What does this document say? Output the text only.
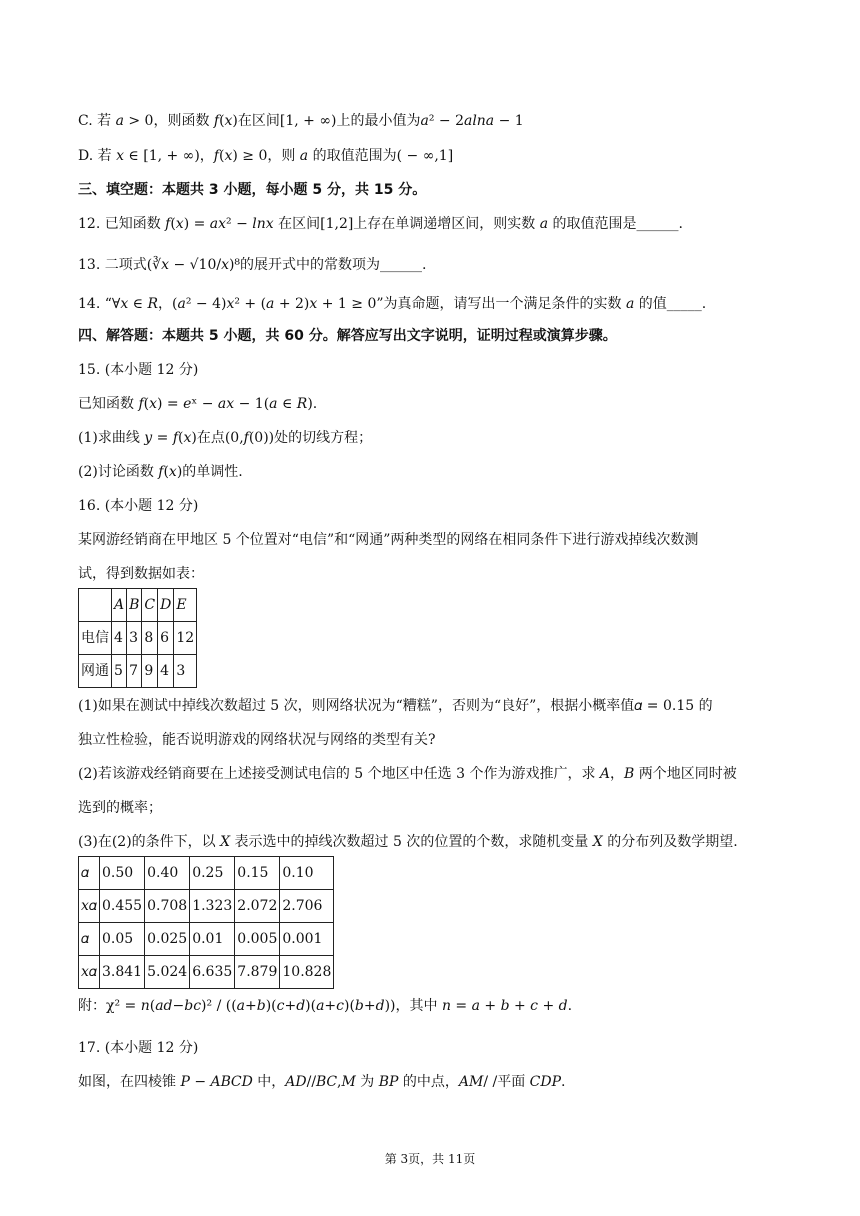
C. 若 𝑎 > 0，则函数 𝑓(𝑥)在区间[1, + ∞)上的最小值为𝑎² − 2𝑎𝑙𝑛𝑎 − 1
D. 若 𝑥 ∈ [1, + ∞)，𝑓(𝑥) ≥ 0，则 𝑎 的取值范围为( − ∞,1]
三、填空题：本题共 3 小题，每小题 5 分，共 15 分。
12. 已知函数 𝑓(𝑥) = 𝑎𝑥² − 𝑙𝑛𝑥 在区间[1,2]上存在单调递增区间，则实数 𝑎 的取值范围是______.
13. 二项式(∛𝑥 − √10/𝑥)⁸的展开式中的常数项为______.
14. “∀𝑥 ∈ 𝑅，(𝑎² − 4)𝑥² + (𝑎 + 2)𝑥 + 1 ≥ 0”为真命题，请写出一个满足条件的实数 𝑎 的值_____.
四、解答题：本题共 5 小题，共 60 分。解答应写出文字说明，证明过程或演算步骤。
15. (本小题 12 分)
已知函数 𝑓(𝑥) = 𝑒ˣ − 𝑎𝑥 − 1(𝑎 ∈ 𝑅).
(1)求曲线 𝑦 = 𝑓(𝑥)在点(0,𝑓(0))处的切线方程；
(2)讨论函数 𝑓(𝑥)的单调性.
16. (本小题 12 分)
某网游经销商在甲地区 5 个位置对“电信”和“网通”两种类型的网络在相同条件下进行游戏掉线次数测
试，得到数据如表：
	𝐴	𝐵	𝐶	𝐷	𝐸
电信	4	3	8	6	12
网通	5	7	9	4	3
(1)如果在测试中掉线次数超过 5 次，则网络状况为“糟糕”，否则为“良好”，根据小概率值𝛼 = 0.15 的
独立性检验，能否说明游戏的网络状况与网络的类型有关?
(2)若该游戏经销商要在上述接受测试电信的 5 个地区中任选 3 个作为游戏推广，求 𝐴，𝐵 两个地区同时被
选到的概率；
(3)在(2)的条件下，以 𝑋 表示选中的掉线次数超过 5 次的位置的个数，求随机变量 𝑋 的分布列及数学期望.
𝛼	0.50	0.40	0.25	0.15	0.10
𝑥𝛼	0.455	0.708	1.323	2.072	2.706
𝛼	0.05	0.025	0.01	0.005	0.001
𝑥𝛼	3.841	5.024	6.635	7.879	10.828
附：χ² = 𝑛(𝑎𝑑−𝑏𝑐)² / ((𝑎+𝑏)(𝑐+𝑑)(𝑎+𝑐)(𝑏+𝑑))，其中 𝑛 = 𝑎 + 𝑏 + 𝑐 + 𝑑.
17. (本小题 12 分)
如图，在四棱锥 𝑃 − 𝐴𝐵𝐶𝐷 中，𝐴𝐷//𝐵𝐶,𝑀 为 𝐵𝑃 的中点，𝐴𝑀/ /平面 𝐶𝐷𝑃.
第 3页，共 11页
